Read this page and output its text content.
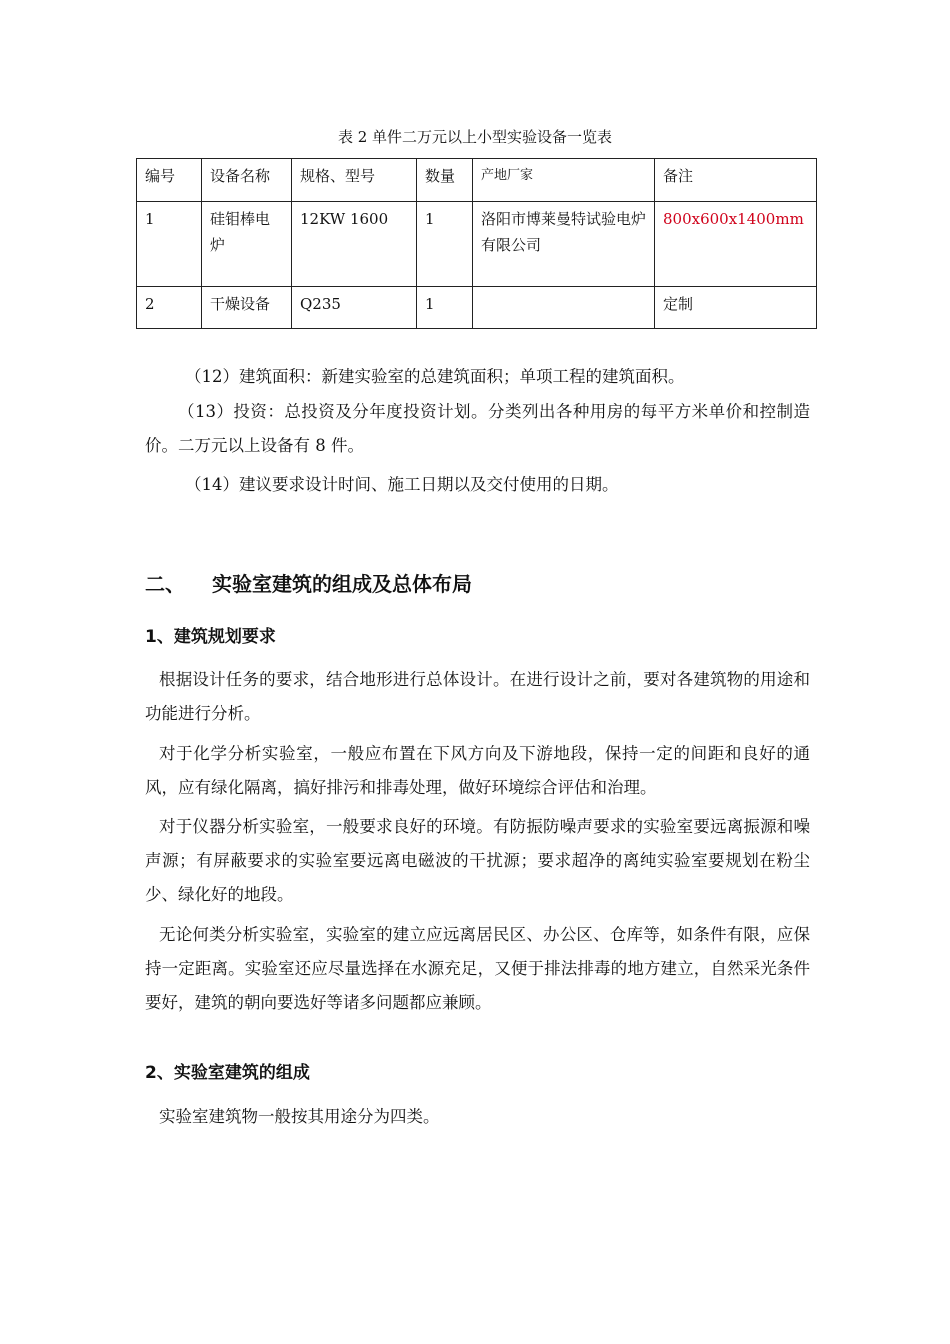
表 2 单件二万元以上小型实验设备一览表
编号	设备名称	规格、型号	数量	产地厂家	备注
1	硅钼棒电炉	12KW 1600	1	洛阳市博莱曼特试验电炉有限公司	800x600x1400mm
2	干燥设备	Q235	1		定制

（12）建筑面积：新建实验室的总建筑面积；单项工程的建筑面积。

（13）投资：总投资及分年度投资计划。分类列出各种用房的每平方米单价和控制造价。二万元以上设备有 8 件。

（14）建议要求设计时间、施工日期以及交付使用的日期。

二、 实验室建筑的组成及总体布局
1、建筑规划要求

根据设计任务的要求，结合地形进行总体设计。在进行设计之前，要对各建筑物的用途和功能进行分析。

对于化学分析实验室，一般应布置在下风方向及下游地段，保持一定的间距和良好的通风，应有绿化隔离，搞好排污和排毒处理，做好环境综合评估和治理。

对于仪器分析实验室，一般要求良好的环境。有防振防噪声要求的实验室要远离振源和噪声源；有屏蔽要求的实验室要远离电磁波的干扰源；要求超净的离纯实验室要规划在粉尘少、绿化好的地段。

无论何类分析实验室，实验室的建立应远离居民区、办公区、仓库等，如条件有限，应保持一定距离。实验室还应尽量选择在水源充足，又便于排法排毒的地方建立，自然采光条件要好，建筑的朝向要选好等诸多问题都应兼顾。

2、实验室建筑的组成

实验室建筑物一般按其用途分为四类。
